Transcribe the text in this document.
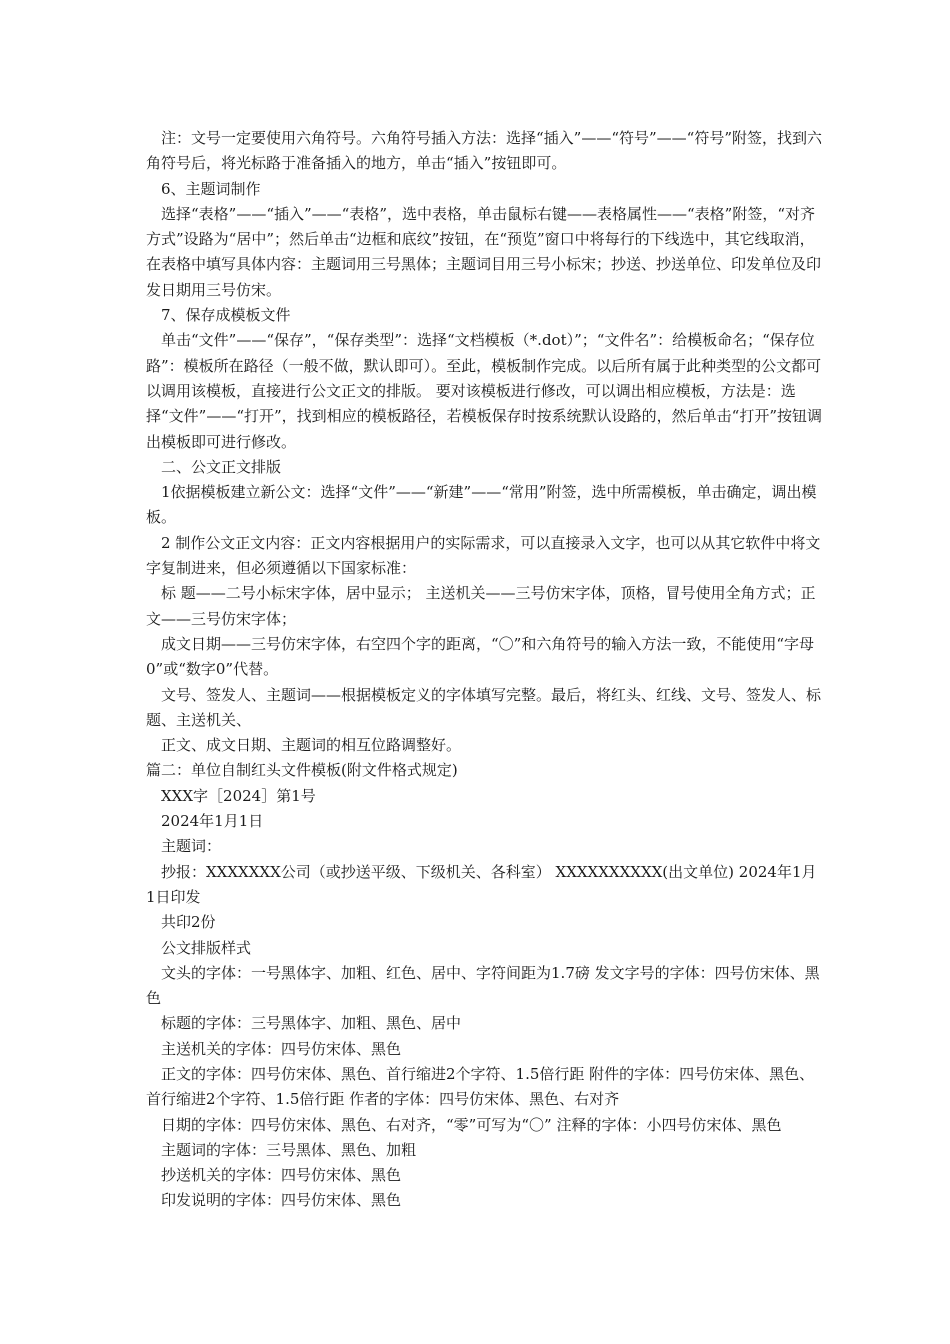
注：文号一定要使用六角符号。六角符号插入方法：选择“插入”——“符号”——“符号”附签，找到六角符号后，将光标路于准备插入的地方，单击“插入”按钮即可。

6、主题词制作

选择“表格”——“插入”——“表格”，选中表格，单击鼠标右键——表格属性——“表格”附签，“对齐方式”设路为“居中”；然后单击“边框和底纹”按钮，在“预览”窗口中将每行的下线选中，其它线取消，在表格中填写具体内容：主题词用三号黑体；主题词目用三号小标宋；抄送、抄送单位、印发单位及印发日期用三号仿宋。

7、保存成模板文件

单击“文件”——“保存”，“保存类型”：选择“文档模板（*.dot）”；“文件名”：给模板命名；“保存位路”：模板所在路径（一般不做，默认即可）。至此，模板制作完成。以后所有属于此种类型的公文都可以调用该模板，直接进行公文正文的排版。 要对该模板进行修改，可以调出相应模板，方法是：选择“文件”——“打开”，找到相应的模板路径，若模板保存时按系统默认设路的，然后单击“打开”按钮调出模板即可进行修改。

二、公文正文排版

1依据模板建立新公文：选择“文件”——“新建”——“常用”附签，选中所需模板，单击确定，调出模板。

2 制作公文正文内容：正文内容根据用户的实际需求，可以直接录入文字，也可以从其它软件中将文字复制进来，但必须遵循以下国家标准：

标 题——二号小标宋字体，居中显示； 主送机关——三号仿宋字体，顶格，冒号使用全角方式；正 文——三号仿宋字体；

成文日期——三号仿宋字体，右空四个字的距离，“〇”和六角符号的输入方法一致，不能使用“字母0”或“数字0”代替。

文号、签发人、主题词——根据模板定义的字体填写完整。最后，将红头、红线、文号、签发人、标题、主送机关、

正文、成文日期、主题词的相互位路调整好。

篇二：单位自制红头文件模板(附文件格式规定)

XXX字［2024］第1号

2024年1月1日

主题词：

抄报：XXXXXXX公司（或抄送平级、下级机关、各科室） XXXXXXXXXX(出文单位) 2024年1月1日印发

共印2份

公文排版样式

文头的字体：一号黑体字、加粗、红色、居中、字符间距为1.7磅 发文字号的字体：四号仿宋体、黑色

标题的字体：三号黑体字、加粗、黑色、居中

主送机关的字体：四号仿宋体、黑色

正文的字体：四号仿宋体、黑色、首行缩进2个字符、1.5倍行距 附件的字体：四号仿宋体、黑色、首行缩进2个字符、1.5倍行距 作者的字体：四号仿宋体、黑色、右对齐

日期的字体：四号仿宋体、黑色、右对齐，“零”可写为“〇” 注释的字体：小四号仿宋体、黑色

主题词的字体：三号黑体、黑色、加粗

抄送机关的字体：四号仿宋体、黑色

印发说明的字体：四号仿宋体、黑色
